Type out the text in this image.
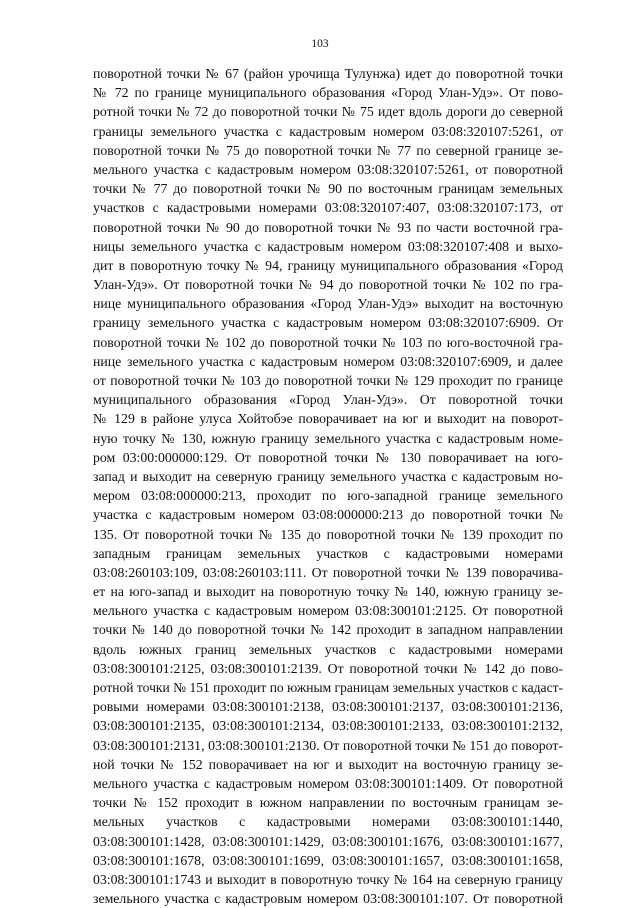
103
поворотной точки № 67 (район урочища Тулунжа) идет до поворотной точки
№ 72 по границе муниципального образования «Город Улан-Удэ». От пово-
ротной точки № 72 до поворотной точки № 75 идет вдоль дороги до северной
границы земельного участка с кадастровым номером 03:08:320107:5261, от
поворотной точки № 75 до поворотной точки № 77 по северной границе зе-
мельного участка с кадастровым номером 03:08:320107:5261, от поворотной
точки № 77 до поворотной точки № 90 по восточным границам земельных
участков с кадастровыми номерами 03:08:320107:407, 03:08:320107:173, от
поворотной точки № 90 до поворотной точки № 93 по части восточной гра-
ницы земельного участка с кадастровым номером 03:08:320107:408 и выхо-
дит в поворотную точку № 94, границу муниципального образования «Город
Улан-Удэ». От поворотной точки № 94 до поворотной точки № 102 по гра-
нице муниципального образования «Город Улан-Удэ» выходит на восточную
границу земельного участка с кадастровым номером 03:08:320107:6909. От
поворотной точки № 102 до поворотной точки № 103 по юго-восточной гра-
нице земельного участка с кадастровым номером 03:08:320107:6909, и далее
от поворотной точки № 103 до поворотной точки № 129 проходит по границе
муниципального образования «Город Улан-Удэ». От поворотной точки
№ 129 в районе улуса Хойтобэе поворачивает на юг и выходит на поворот-
ную точку № 130, южную границу земельного участка с кадастровым номе-
ром 03:00:000000:129. От поворотной точки № 130 поворачивает на юго-
запад и выходит на северную границу земельного участка с кадастровым но-
мером 03:08:000000:213, проходит по юго-западной границе земельного
участка с кадастровым номером 03:08:000000:213 до поворотной точки №
135. От поворотной точки № 135 до поворотной точки № 139 проходит по
западным границам земельных участков с кадастровыми номерами
03:08:260103:109, 03:08:260103:111. От поворотной точки № 139 поворачива-
ет на юго-запад и выходит на поворотную точку № 140, южную границу зе-
мельного участка с кадастровым номером 03:08:300101:2125. От поворотной
точки № 140 до поворотной точки № 142 проходит в западном направлении
вдоль южных границ земельных участков с кадастровыми номерами
03:08:300101:2125, 03:08:300101:2139. От поворотной точки № 142 до пово-
ротной точки № 151 проходит по южным границам земельных участков с кадаст-
ровыми номерами 03:08:300101:2138, 03:08:300101:2137, 03:08:300101:2136,
03:08:300101:2135, 03:08:300101:2134, 03:08:300101:2133, 03:08:300101:2132,
03:08:300101:2131, 03:08:300101:2130. От поворотной точки № 151 до поворот-
ной точки № 152 поворачивает на юг и выходит на восточную границу зе-
мельного участка с кадастровым номером 03:08:300101:1409. От поворотной
точки № 152 проходит в южном направлении по восточным границам зе-
мельных участков с кадастровыми номерами 03:08:300101:1440,
03:08:300101:1428, 03:08:300101:1429, 03:08:300101:1676, 03:08:300101:1677,
03:08:300101:1678, 03:08:300101:1699, 03:08:300101:1657, 03:08:300101:1658,
03:08:300101:1743 и выходит в поворотную точку № 164 на северную границу
земельного участка с кадастровым номером 03:08:300101:107. От поворотной
